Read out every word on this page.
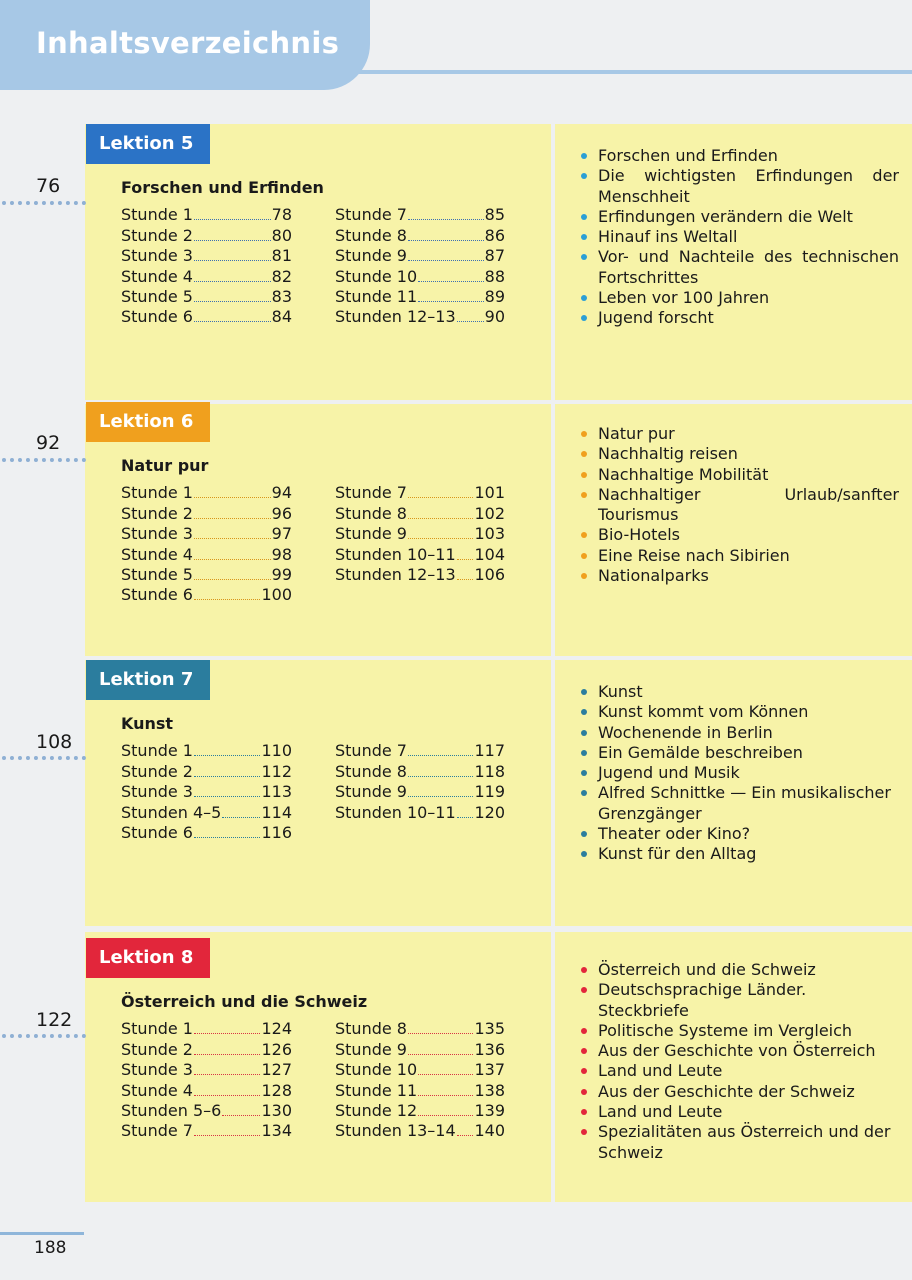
Inhaltsverzeichnis
76
Lektion 5
Forschen und Erfinden
Stunde 1	78
Stunde 2	80
Stunde 3	81
Stunde 4	82
Stunde 5	83
Stunde 6	84
Stunde 7	85
Stunde 8	86
Stunde 9	87
Stunde 10	88
Stunde 11	89
Stunden 12–13 90
Forschen und Erfinden
Die wichtigsten Erfindungen der Menschheit
Erfindungen verändern die Welt
Hinauf ins Weltall
Vor- und Nachteile des technischen Fortschrittes
Leben vor 100 Jahren
Jugend forscht
92
Lektion 6
Natur pur
Stunde 1	94
Stunde 2	96
Stunde 3	97
Stunde 4	98
Stunde 5	99
Stunde 6	100
Stunde 7	101
Stunde 8	102
Stunde 9	103
Stunden 10–11 104
Stunden 12–13 106
Natur pur
Nachhaltig reisen
Nachhaltige Mobilität
Nachhaltiger Urlaub/sanfter Tourismus
Bio-Hotels
Eine Reise nach Sibirien
Nationalparks
108
Lektion 7
Kunst
Stunde 1	110
Stunde 2	112
Stunde 3	113
Stunden 4–5	114
Stunde 6	116
Stunde 7	117
Stunde 8	118
Stunde 9	119
Stunden 10–11 120
Kunst
Kunst kommt vom Können
Wochenende in Berlin
Ein Gemälde beschreiben
Jugend und Musik
Alfred Schnittke — Ein musikalischer Grenzgänger
Theater oder Kino?
Kunst für den Alltag
122
Lektion 8
Österreich und die Schweiz
Stunde 1	124
Stunde 2	126
Stunde 3	127
Stunde 4	128
Stunden 5–6	130
Stunde 7	134
Stunde 8	135
Stunde 9	136
Stunde 10	137
Stunde 11	138
Stunde 12	139
Stunden 13–14 140
Österreich und die Schweiz
Deutschsprachige Länder. Steckbriefe
Politische Systeme im Vergleich
Aus der Geschichte von Österreich
Land und Leute
Aus der Geschichte der Schweiz
Land und Leute
Spezialitäten aus Österreich und der Schweiz
188
